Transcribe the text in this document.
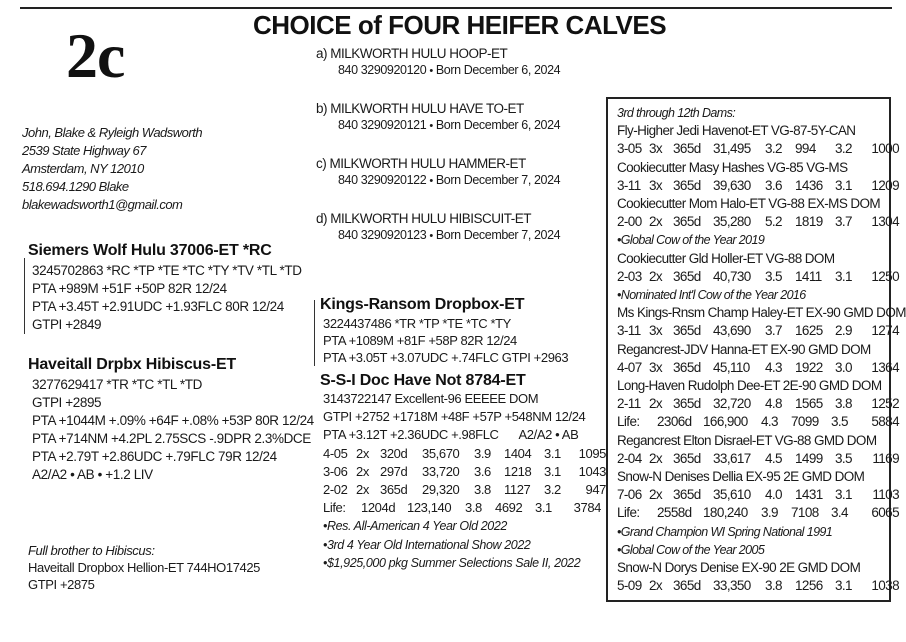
2c	CHOICE of FOUR HEIFER CALVES
a) MILKWORTH HULU HOOP-ET
840 3290920120 • Born December 6, 2024
b) MILKWORTH HULU HAVE TO-ET
840 3290920121 • Born December 6, 2024
c) MILKWORTH HULU HAMMER-ET
840 3290920122 • Born December 7, 2024
d) MILKWORTH HULU HIBISCUIT-ET
840 3290920123 • Born December 7, 2024
John, Blake & Ryleigh Wadsworth
2539 State Highway 67
Amsterdam, NY 12010
518.694.1290 Blake
blakewadsworth1@gmail.com
Siemers Wolf Hulu 37006-ET *RC
3245702863 *RC *TP *TE *TC *TY *TV *TL *TD
PTA +989M +51F +50P 82R 12/24
PTA +3.45T +2.91UDC +1.93FLC 80R 12/24
GTPI +2849
Haveitall Drpbx Hibiscus-ET
3277629417 *TR *TC *TL *TD
GTPI +2895
PTA +1044M +.09% +64F +.08% +53P 80R 12/24
PTA +714NM +4.2PL 2.75SCS -.9DPR 2.3%DCE
PTA +2.79T +2.86UDC +.79FLC 79R 12/24
A2/A2 • AB • +1.2 LIV
Full brother to Hibiscus:
Haveitall Dropbox Hellion-ET 744HO17425
GTPI +2875
Kings-Ransom Dropbox-ET
3224437486 *TR *TP *TE *TC *TY
PTA +1089M +81F +58P 82R 12/24
PTA +3.05T +3.07UDC +.74FLC GTPI +2963
S-S-I Doc Have Not 8784-ET
3143722147 Excellent-96 EEEEE DOM
GTPI +2752 +1718M +48F +57P +548NM 12/24
PTA +3.12T +2.36UDC +.98FLC A2/A2 • AB
4-05 2x 320d 35,670 3.9 1404 3.1 1095
3-06 2x 297d 33,720 3.6 1218 3.1 1043
2-02 2x 365d 29,320 3.8 1127 3.2 947
Life: 1204d 123,140 3.8 4692 3.1 3784
•Res. All-American 4 Year Old 2022
•3rd 4 Year Old International Show 2022
•$1,925,000 pkg Summer Selections Sale II, 2022
3rd through 12th Dams:
Fly-Higher Jedi Havenot-ET VG-87-5Y-CAN
3-05 3x 365d 31,495 3.2 994 3.2 1000
Cookiecutter Masy Hashes VG-85 VG-MS
3-11 3x 365d 39,630 3.6 1436 3.1 1209
Cookiecutter Mom Halo-ET VG-88 EX-MS DOM
2-00 2x 365d 35,280 5.2 1819 3.7 1304
•Global Cow of the Year 2019
Cookiecutter Gld Holler-ET VG-88 DOM
2-03 2x 365d 40,730 3.5 1411 3.1 1250
•Nominated Int'l Cow of the Year 2016
Ms Kings-Rnsm Champ Haley-ET EX-90 GMD DOM
3-11 3x 365d 43,690 3.7 1625 2.9 1274
Regancrest-JDV Hanna-ET EX-90 GMD DOM
4-07 3x 365d 45,110 4.3 1922 3.0 1364
Long-Haven Rudolph Dee-ET 2E-90 GMD DOM
2-11 2x 365d 32,720 4.8 1565 3.8 1252
Life: 2306d 166,900 4.3 7099 3.5 5884
Regancrest Elton Disrael-ET VG-88 GMD DOM
2-04 2x 365d 33,617 4.5 1499 3.5 1169
Snow-N Denises Dellia EX-95 2E GMD DOM
7-06 2x 365d 35,610 4.0 1431 3.1 1103
Life: 2558d 180,240 3.9 7108 3.4 6065
•Grand Champion WI Spring National 1991
•Global Cow of the Year 2005
Snow-N Dorys Denise EX-90 2E GMD DOM
5-09 2x 365d 33,350 3.8 1256 3.1 1038
